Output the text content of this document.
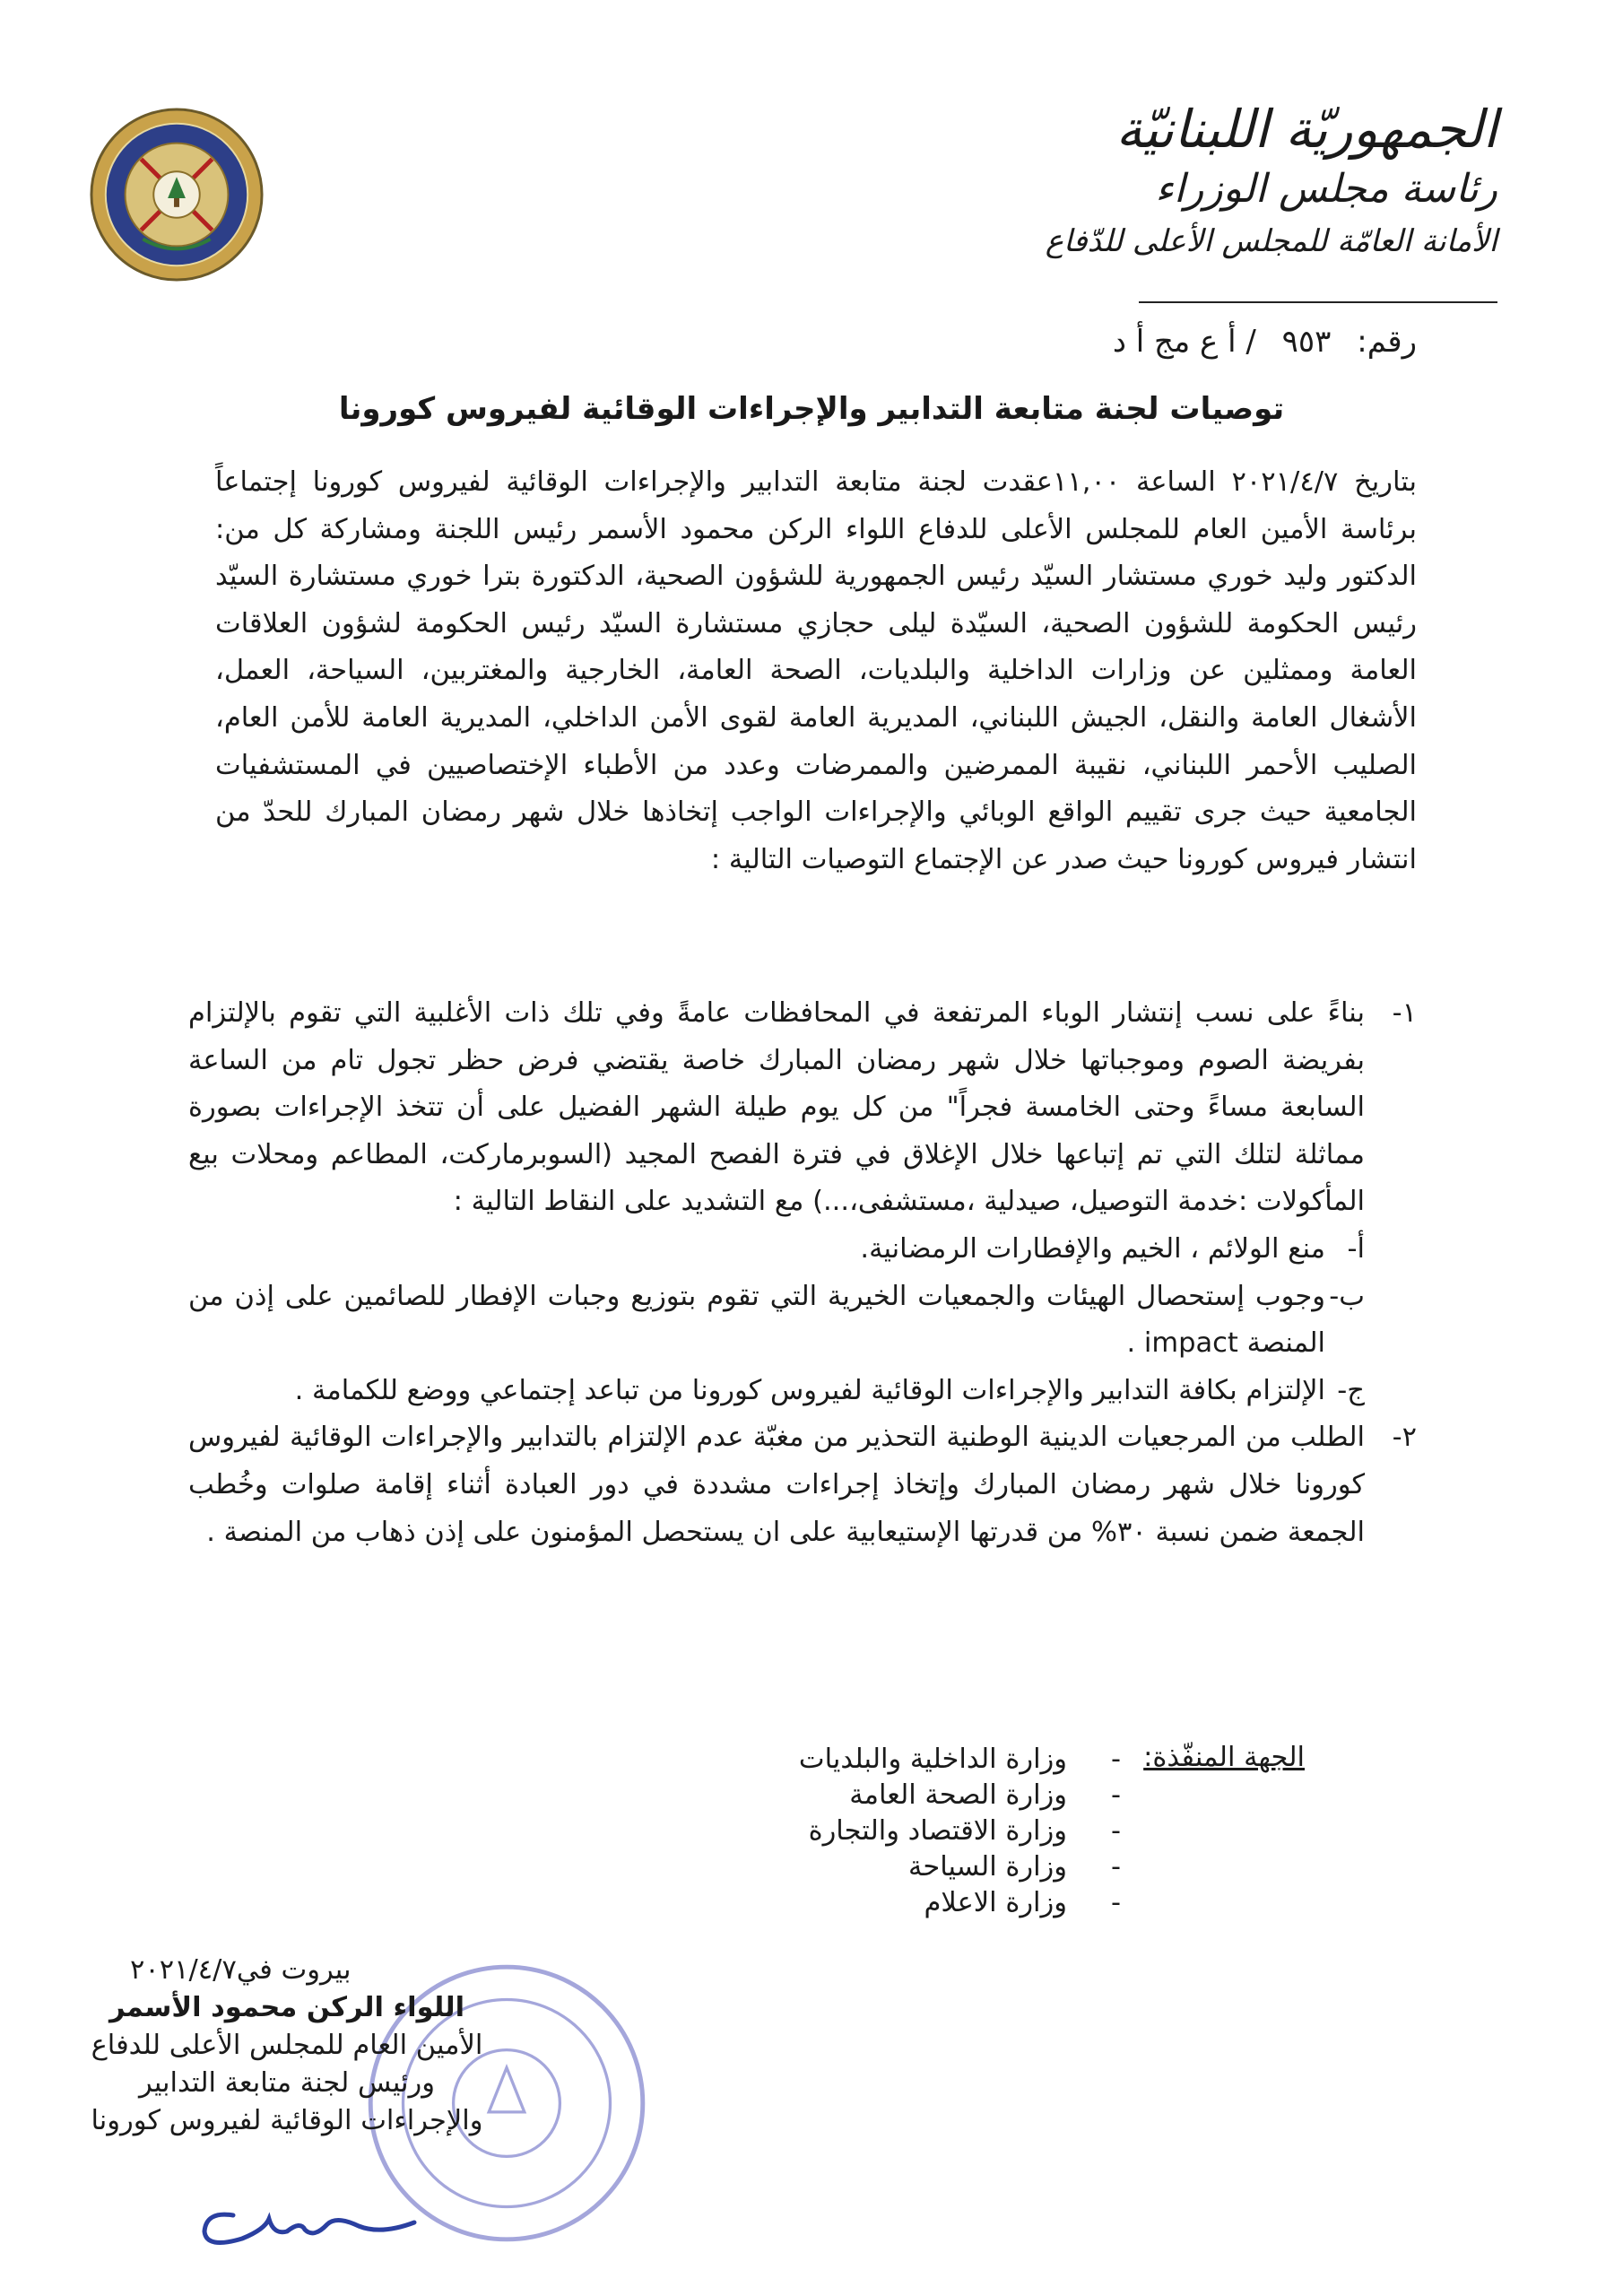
الجمهوريّة اللبنانيّة
رئاسة مجلس الوزراء
الأمانة العامّة للمجلس الأعلى للدّفاع
رقم: ٩٥٣ / أ ع مج أ د
توصيات لجنة متابعة التدابير والإجراءات الوقائية لفيروس كورونا
بتاريخ ٢٠٢١/٤/٧ الساعة ١١,٠٠عقدت لجنة متابعة التدابير والإجراءات الوقائية لفيروس كورونا إجتماعاً برئاسة الأمين العام للمجلس الأعلى للدفاع اللواء الركن محمود الأسمر رئيس اللجنة ومشاركة كل من: الدكتور وليد خوري مستشار السيّد رئيس الجمهورية للشؤون الصحية، الدكتورة بترا خوري مستشارة السيّد رئيس الحكومة للشؤون الصحية، السيّدة ليلى حجازي مستشارة السيّد رئيس الحكومة لشؤون العلاقات العامة وممثلين عن وزارات الداخلية والبلديات، الصحة العامة، الخارجية والمغتربين، السياحة، العمل، الأشغال العامة والنقل، الجيش اللبناني، المديرية العامة لقوى الأمن الداخلي، المديرية العامة للأمن العام، الصليب الأحمر اللبناني، نقيبة الممرضين والممرضات وعدد من الأطباء الإختصاصيين في المستشفيات الجامعية حيث جرى تقييم الواقع الوبائي والإجراءات الواجب إتخاذها خلال شهر رمضان المبارك للحدّ من انتشار فيروس كورونا حيث صدر عن الإجتماع التوصيات التالية :
١-
بناءً على نسب إنتشار الوباء المرتفعة في المحافظات عامةً وفي تلك ذات الأغلبية التي تقوم بالإلتزام بفريضة الصوم وموجباتها خلال شهر رمضان المبارك خاصة يقتضي فرض حظر تجول تام من الساعة السابعة مساءً وحتى الخامسة فجراً" من كل يوم طيلة الشهر الفضيل على أن تتخذ الإجراءات بصورة مماثلة لتلك التي تم إتباعها خلال الإغلاق في فترة الفصح المجيد (السوبرماركت، المطاعم ومحلات بيع المأكولات :خدمة التوصيل، صيدلية ،مستشفى،...) مع التشديد على النقاط التالية :
أ-
منع الولائم ، الخيم والإفطارات الرمضانية.
ب-
وجوب إستحصال الهيئات والجمعيات الخيرية التي تقوم بتوزيع وجبات الإفطار للصائمين على إذن من المنصة impact .
ج-
الإلتزام بكافة التدابير والإجراءات الوقائية لفيروس كورونا من تباعد إجتماعي ووضع للكمامة .
٢-
الطلب من المرجعيات الدينية الوطنية التحذير من مغبّة عدم الإلتزام بالتدابير والإجراءات الوقائية لفيروس كورونا خلال شهر رمضان المبارك وإتخاذ إجراءات مشددة في دور العبادة أثناء إقامة صلوات وخُطب الجمعة ضمن نسبة ٣٠% من قدرتها الإستيعابية على ان يستحصل المؤمنون على إذن ذهاب من المنصة .
الجهة المنفّذة:
-
وزارة الداخلية والبلديات
-
وزارة الصحة العامة
-
وزارة الاقتصاد والتجارة
-
وزارة السياحة
-
وزارة الاعلام
بيروت في٢٠٢١/٤/٧
اللواء الركن محمود الأسمر
الأمين العام للمجلس الأعلى للدفاع
ورئيس لجنة متابعة التدابير
والإجراءات الوقائية لفيروس كورونا
